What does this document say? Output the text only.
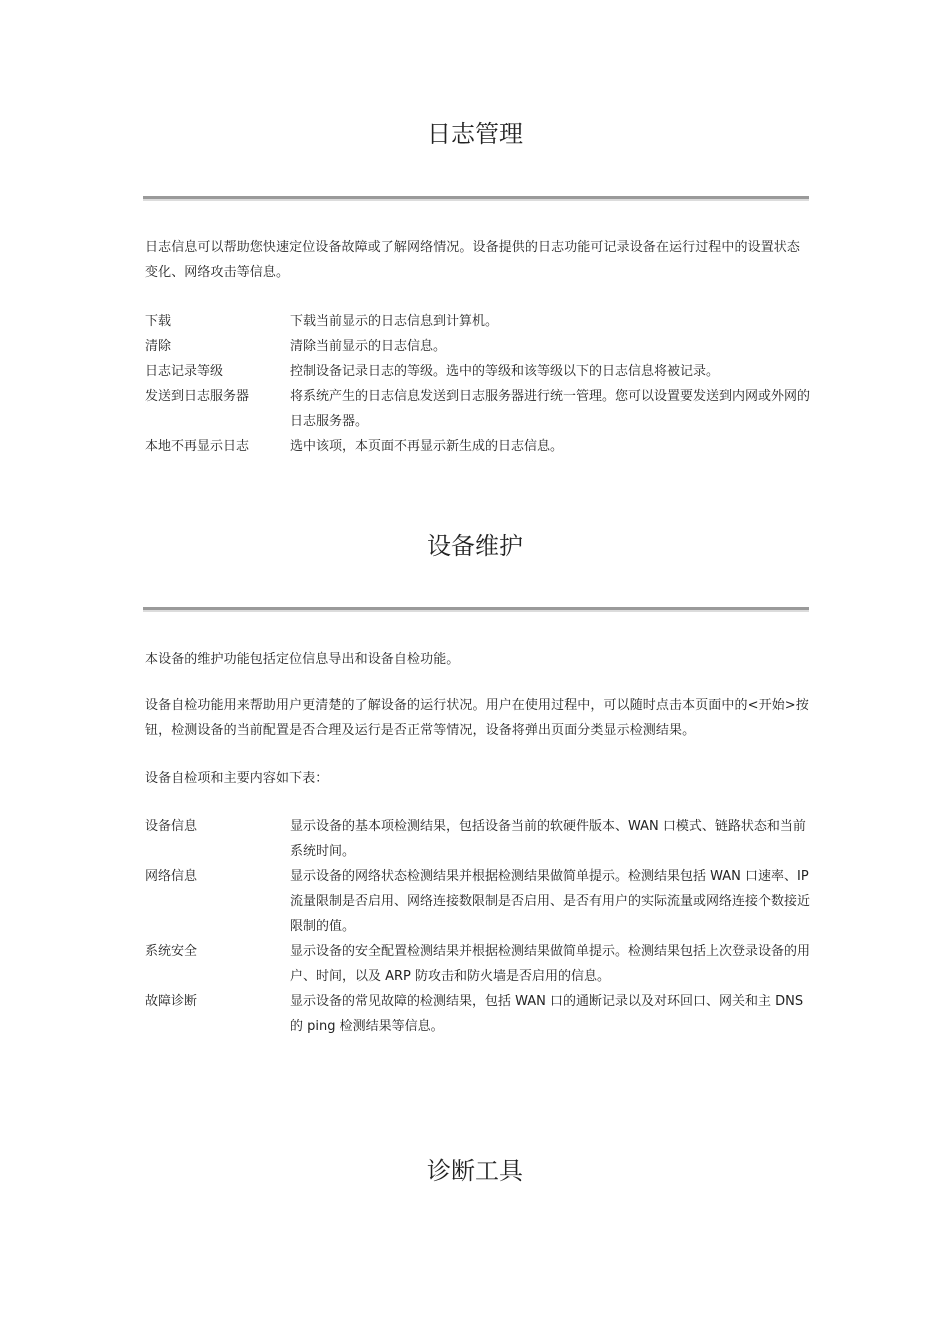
日志管理

日志信息可以帮助您快速定位设备故障或了解网络情况。设备提供的日志功能可记录设备在运行过程中的设置状态变化、网络攻击等信息。

下载	下载当前显示的日志信息到计算机。
清除	清除当前显示的日志信息。
日志记录等级	控制设备记录日志的等级。选中的等级和该等级以下的日志信息将被记录。
发送到日志服务器	将系统产生的日志信息发送到日志服务器进行统一管理。您可以设置要发送到内网或外网的日志服务器。
本地不再显示日志	选中该项，本页面不再显示新生成的日志信息。
设备维护

本设备的维护功能包括定位信息导出和设备自检功能。

设备自检功能用来帮助用户更清楚的了解设备的运行状况。用户在使用过程中，可以随时点击本页面中的<开始>按钮，检测设备的当前配置是否合理及运行是否正常等情况，设备将弹出页面分类显示检测结果。

设备自检项和主要内容如下表：

设备信息	显示设备的基本项检测结果，包括设备当前的软硬件版本、WAN 口模式、链路状态和当前系统时间。
网络信息	显示设备的网络状态检测结果并根据检测结果做简单提示。检测结果包括 WAN 口速率、IP 流量限制是否启用、网络连接数限制是否启用、是否有用户的实际流量或网络连接个数接近限制的值。
系统安全	显示设备的安全配置检测结果并根据检测结果做简单提示。检测结果包括上次登录设备的用户、时间，以及 ARP 防攻击和防火墙是否启用的信息。
故障诊断	显示设备的常见故障的检测结果，包括 WAN 口的通断记录以及对环回口、网关和主 DNS 的 ping 检测结果等信息。
诊断工具
